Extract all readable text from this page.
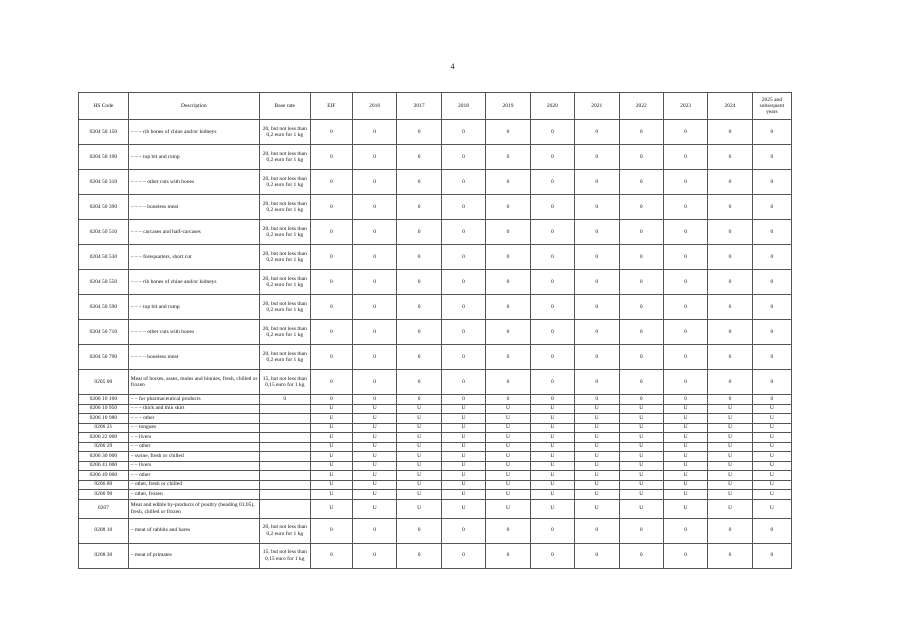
4
HS Code	Description	Base rate	EIF	2016	2017	2018	2019	2020	2021	2022	2023	2024	2025 and subsequent years
0204 50 150	– – – rib bones of chine and/or kidneys	20, but not less than 0,2 euro for 1 kg	0	0	0	0	0	0	0	0	0	0	0
0204 50 190	– – – top bit and rump	20, but not less than 0,2 euro for 1 kg	0	0	0	0	0	0	0	0	0	0	0
0204 50 310	– – – – other cuts with bones	20, but not less than 0,2 euro for 1 kg	0	0	0	0	0	0	0	0	0	0	0
0204 50 390	– – – – boneless meat	20, but not less than 0,2 euro for 1 kg	0	0	0	0	0	0	0	0	0	0	0
0204 50 510	– – – carcases and half-carcases	20, but not less than 0,2 euro for 1 kg	0	0	0	0	0	0	0	0	0	0	0
0204 50 530	– – – forequarters, short cut	20, but not less than 0,2 euro for 1 kg	0	0	0	0	0	0	0	0	0	0	0
0204 50 550	– – – rib bones of chine and/or kidneys	20, but not less than 0,2 euro for 1 kg	0	0	0	0	0	0	0	0	0	0	0
0204 50 590	– – – top bit and rump	20, but not less than 0,2 euro for 1 kg	0	0	0	0	0	0	0	0	0	0	0
0204 50 710	– – – – other cuts with bones	20, but not less than 0,2 euro for 1 kg	0	0	0	0	0	0	0	0	0	0	0
0204 50 790	– – – – boneless meat	20, but not less than 0,2 euro for 1 kg	0	0	0	0	0	0	0	0	0	0	0
0205 00	Meat of horses, asses, mules and hinnies, fresh, chilled or frozen	15, but not less than 0,15 euro for 1 kg	0	0	0	0	0	0	0	0	0	0	0
0206 10 100	– – for pharmaceutical products	0	0	0	0	0	0	0	0	0	0	0	0
0206 10 950	– – – thick and thin skirt		U	U	U	U	U	U	U	U	U	U	U
0206 10 980	– – – other		U	U	U	U	U	U	U	U	U	U	U
0206 21	– – tongues		U	U	U	U	U	U	U	U	U	U	U
0206 22 000	– – livers		U	U	U	U	U	U	U	U	U	U	U
0206 29	– – other		U	U	U	U	U	U	U	U	U	U	U
0206 30 000	– swine, fresh or chilled		U	U	U	U	U	U	U	U	U	U	U
0206 41 000	– – livers		U	U	U	U	U	U	U	U	U	U	U
0206 49 000	– – other		U	U	U	U	U	U	U	U	U	U	U
0206 80	– other, fresh or chilled		U	U	U	U	U	U	U	U	U	U	U
0206 90	– other, frozen		U	U	U	U	U	U	U	U	U	U	U
0207	Meat and edible by-products of poultry (heading 01.05), fresh, chilled or frozen		U	U	U	U	U	U	U	U	U	U	U
0208 10	– meat of rabbits and hares	20, but not less than 0,2 euro for 1 kg	0	0	0	0	0	0	0	0	0	0	0
0208 30	– meat of primates	15, but not less than 0,15 euro for 1 kg	0	0	0	0	0	0	0	0	0	0	0
